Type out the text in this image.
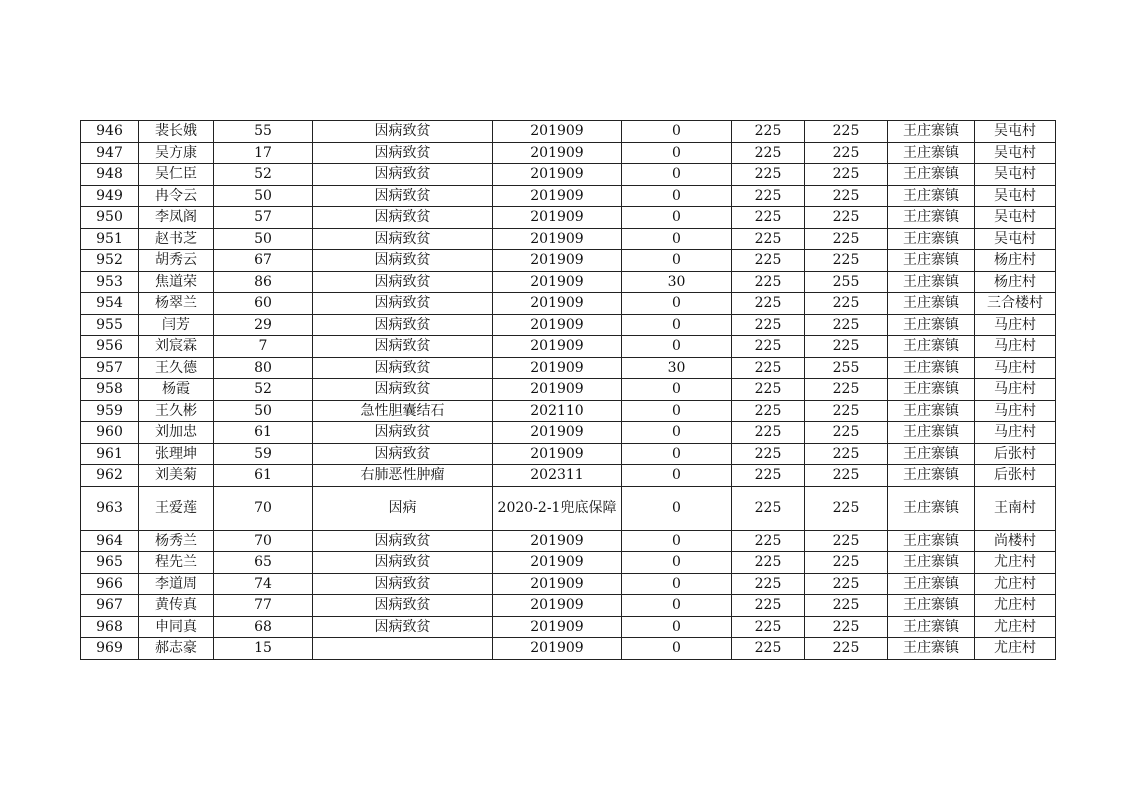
946	裴长娥	55	因病致贫	201909	0	225	225	王庄寨镇	吴屯村
947	吴方康	17	因病致贫	201909	0	225	225	王庄寨镇	吴屯村
948	吴仁臣	52	因病致贫	201909	0	225	225	王庄寨镇	吴屯村
949	冉令云	50	因病致贫	201909	0	225	225	王庄寨镇	吴屯村
950	李凤阁	57	因病致贫	201909	0	225	225	王庄寨镇	吴屯村
951	赵书芝	50	因病致贫	201909	0	225	225	王庄寨镇	吴屯村
952	胡秀云	67	因病致贫	201909	0	225	225	王庄寨镇	杨庄村
953	焦道荣	86	因病致贫	201909	30	225	255	王庄寨镇	杨庄村
954	杨翠兰	60	因病致贫	201909	0	225	225	王庄寨镇	三合楼村
955	闫芳	29	因病致贫	201909	0	225	225	王庄寨镇	马庄村
956	刘宸霖	7	因病致贫	201909	0	225	225	王庄寨镇	马庄村
957	王久德	80	因病致贫	201909	30	225	255	王庄寨镇	马庄村
958	杨霞	52	因病致贫	201909	0	225	225	王庄寨镇	马庄村
959	王久彬	50	急性胆囊结石	202110	0	225	225	王庄寨镇	马庄村
960	刘加忠	61	因病致贫	201909	0	225	225	王庄寨镇	马庄村
961	张理坤	59	因病致贫	201909	0	225	225	王庄寨镇	后张村
962	刘美菊	61	右肺恶性肿瘤	202311	0	225	225	王庄寨镇	后张村
963	王爱莲	70	因病	2020-2-1兜底保障	0	225	225	王庄寨镇	王南村
964	杨秀兰	70	因病致贫	201909	0	225	225	王庄寨镇	尚楼村
965	程先兰	65	因病致贫	201909	0	225	225	王庄寨镇	尤庄村
966	李道周	74	因病致贫	201909	0	225	225	王庄寨镇	尤庄村
967	黄传真	77	因病致贫	201909	0	225	225	王庄寨镇	尤庄村
968	申同真	68	因病致贫	201909	0	225	225	王庄寨镇	尤庄村
969	郝志豪	15		201909	0	225	225	王庄寨镇	尤庄村
